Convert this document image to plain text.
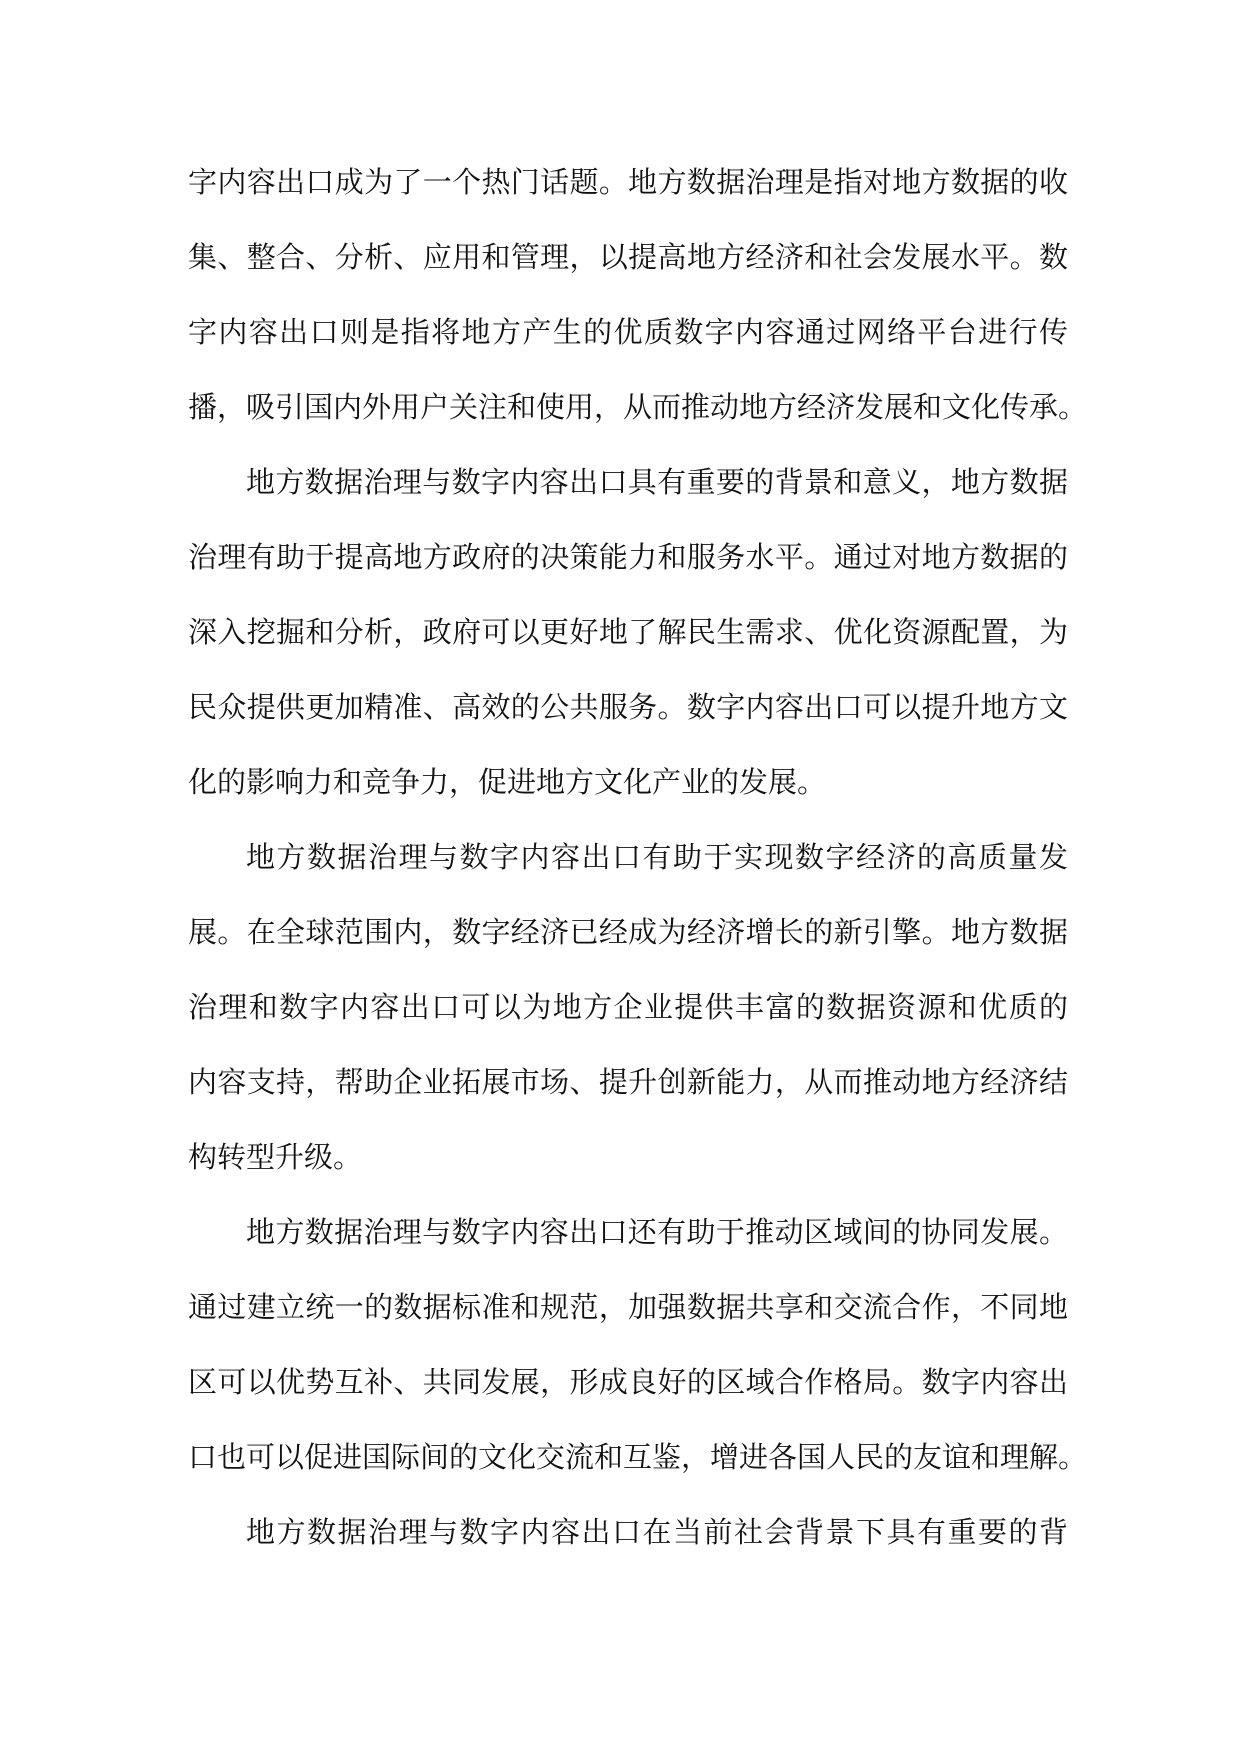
字内容出口成为了一个热门话题。地方数据治理是指对地方数据的收
集、整合、分析、应用和管理，以提高地方经济和社会发展水平。数
字内容出口则是指将地方产生的优质数字内容通过网络平台进行传
播，吸引国内外用户关注和使用，从而推动地方经济发展和文化传承。
地方数据治理与数字内容出口具有重要的背景和意义，地方数据
治理有助于提高地方政府的决策能力和服务水平。通过对地方数据的
深入挖掘和分析，政府可以更好地了解民生需求、优化资源配置，为
民众提供更加精准、高效的公共服务。数字内容出口可以提升地方文
化的影响力和竞争力，促进地方文化产业的发展。
地方数据治理与数字内容出口有助于实现数字经济的高质量发
展。在全球范围内，数字经济已经成为经济增长的新引擎。地方数据
治理和数字内容出口可以为地方企业提供丰富的数据资源和优质的
内容支持，帮助企业拓展市场、提升创新能力，从而推动地方经济结
构转型升级。
地方数据治理与数字内容出口还有助于推动区域间的协同发展。
通过建立统一的数据标准和规范，加强数据共享和交流合作，不同地
区可以优势互补、共同发展，形成良好的区域合作格局。数字内容出
口也可以促进国际间的文化交流和互鉴，增进各国人民的友谊和理解。
地方数据治理与数字内容出口在当前社会背景下具有重要的背
